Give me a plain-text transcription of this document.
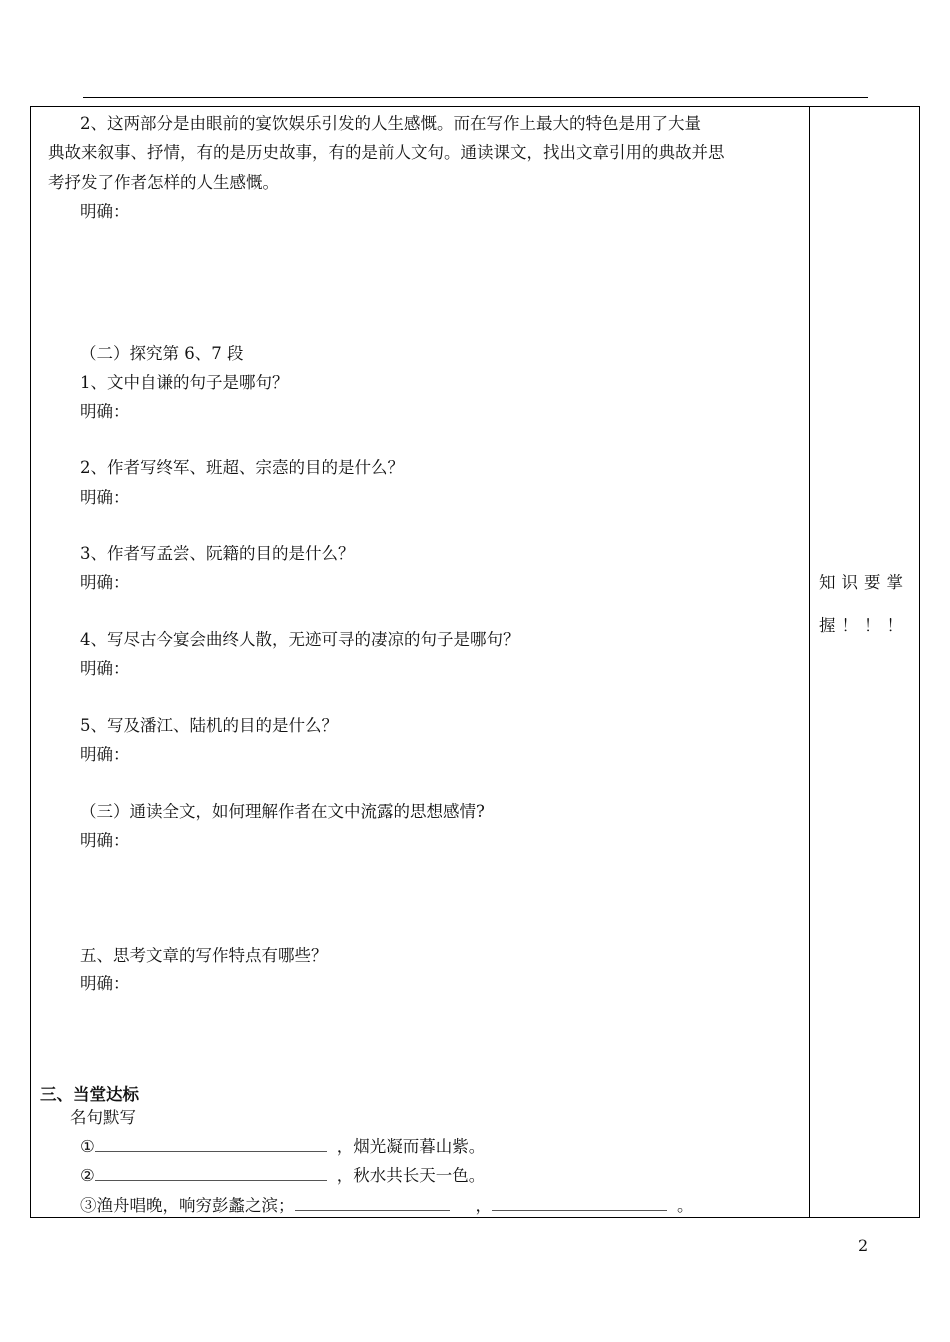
2、这两部分是由眼前的宴饮娱乐引发的人生感慨。而在写作上最大的特色是用了大量
典故来叙事、抒情，有的是历史故事，有的是前人文句。通读课文，找出文章引用的典故并思
考抒发了作者怎样的人生感慨。
明确：
（二）探究第 6、7 段
1、文中自谦的句子是哪句？
明确：
2、作者写终军、班超、宗悫的目的是什么？
明确：
3、作者写孟尝、阮籍的目的是什么？
明确：
4、写尽古今宴会曲终人散，无迹可寻的凄凉的句子是哪句？
明确：
5、写及潘江、陆机的目的是什么？
明确：
（三）通读全文，如何理解作者在文中流露的思想感情?
明确：
五、思考文章的写作特点有哪些？
明确：
三、当堂达标
名句默写
①	，烟光凝而暮山紫。
②	，秋水共长天一色。
③渔舟唱晚，响穷彭蠡之滨；	，	。
知识要掌
握！！！
2
